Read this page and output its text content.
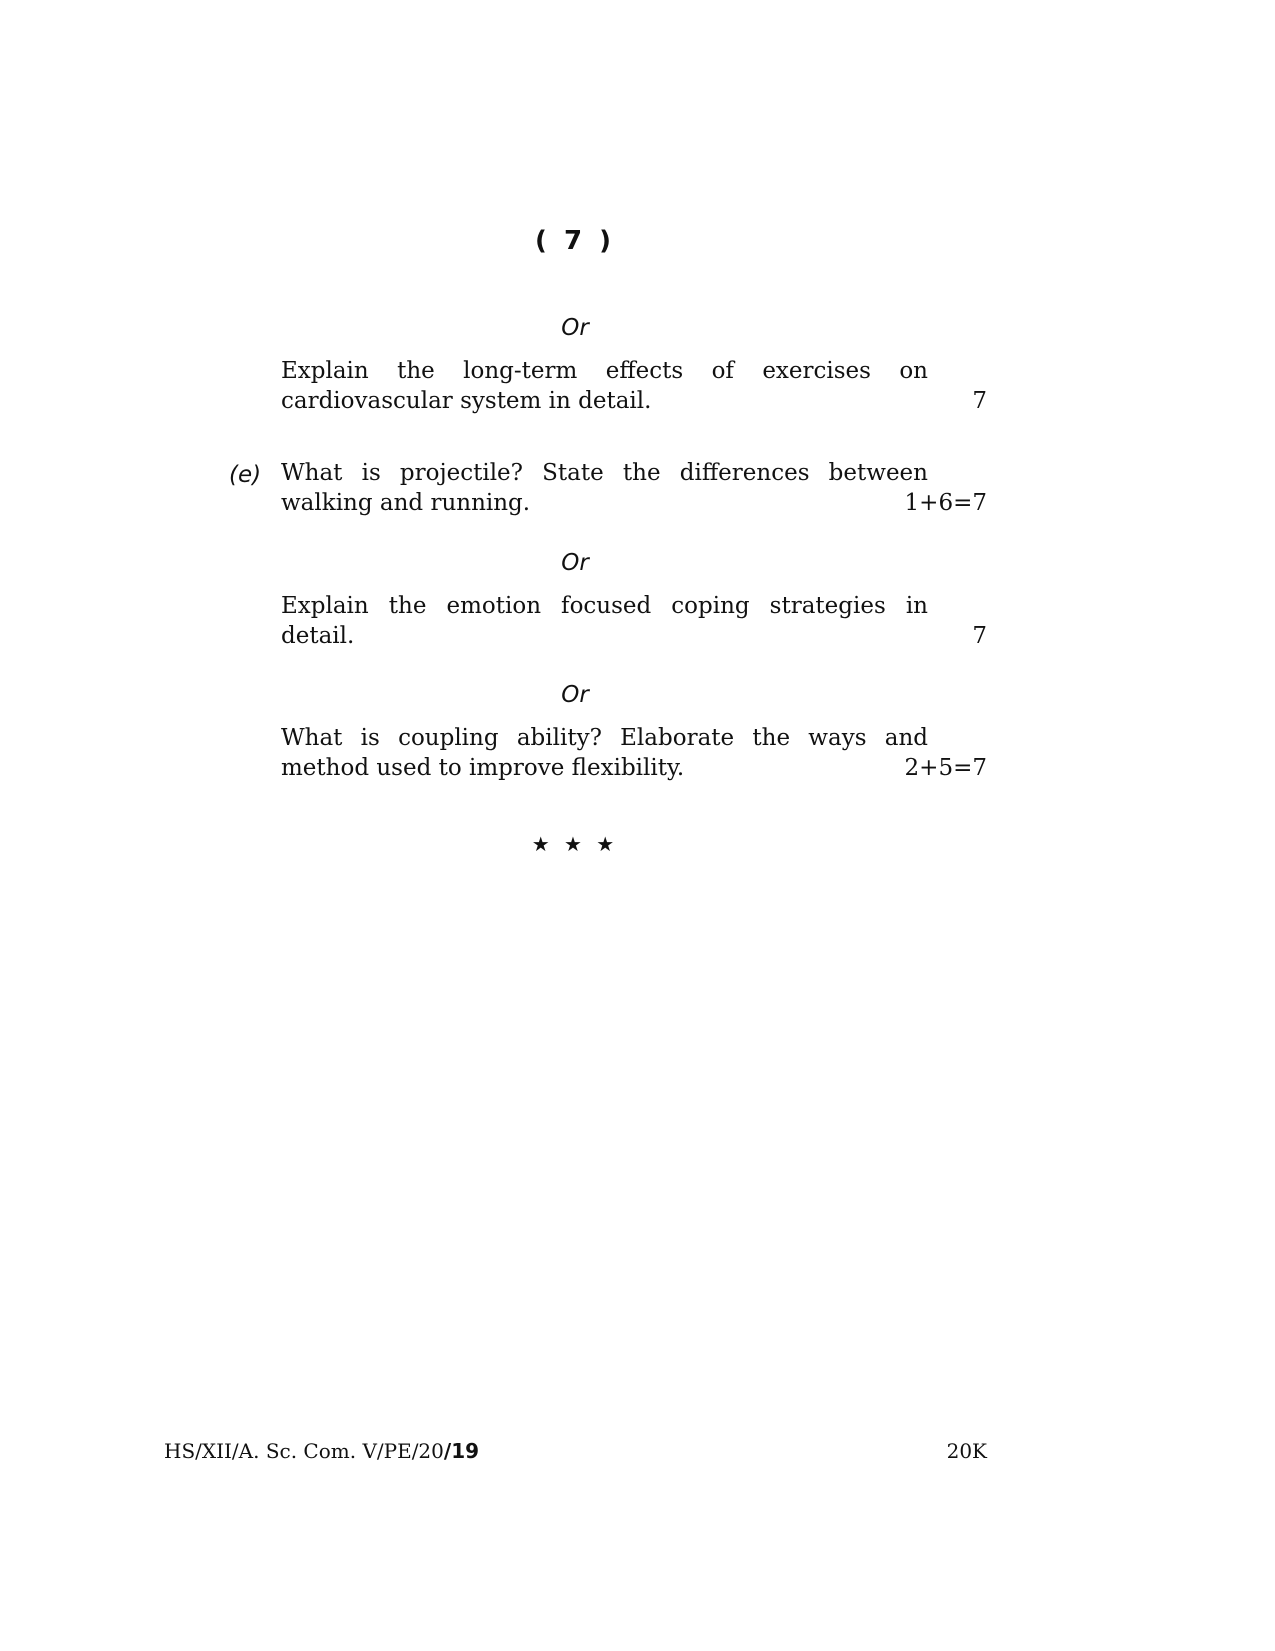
( 7 )
Or
Explain the long-term effects of exercises on
cardiovascular system in detail.	7
(e) What is projectile? State the differences between
walking and running.	1+6=7
Or
Explain the emotion focused coping strategies in
detail.	7
Or
What is coupling ability? Elaborate the ways and
method used to improve flexibility.	2+5=7
★ ★ ★
HS/XII/A. Sc. Com. V/PE/20/19	20K
